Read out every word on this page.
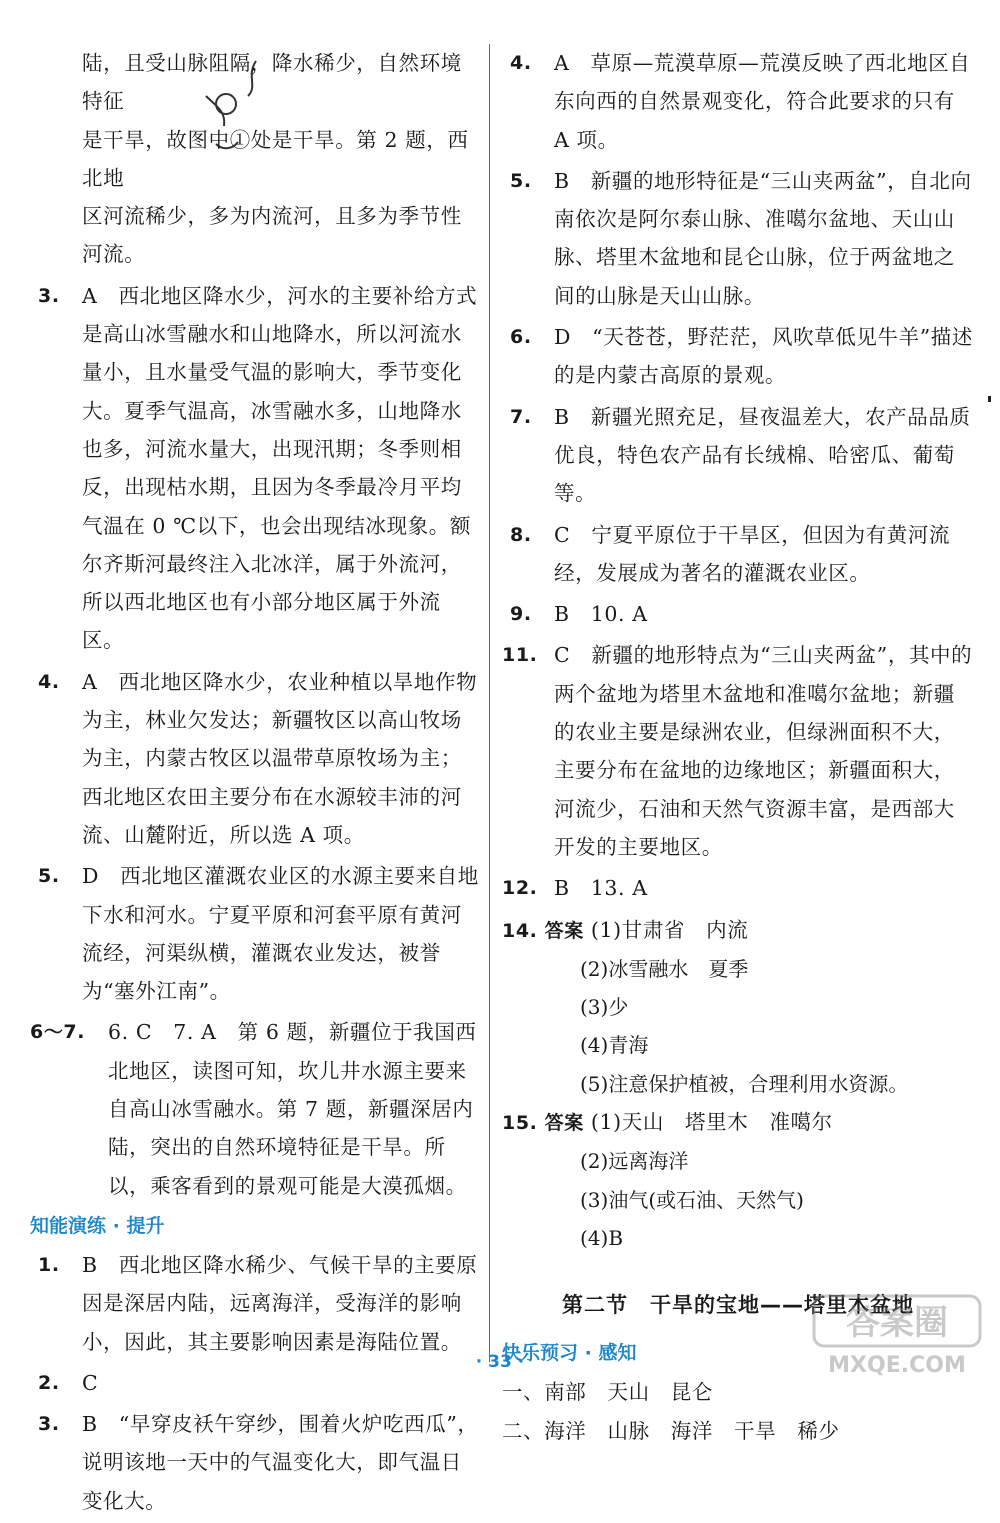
陆，且受山脉阻隔，降水稀少，自然环境特征
是干旱，故图中①处是干旱。第 2 题，西北地
区河流稀少，多为内流河，且多为季节性
河流。
3. A　西北地区降水少，河水的主要补给方式是高山冰雪融水和山地降水，所以河流水量小，且水量受气温的影响大，季节变化大。夏季气温高，冰雪融水多，山地降水也多，河流水量大，出现汛期；冬季则相反，出现枯水期，且因为冬季最冷月平均气温在 0 ℃以下，也会出现结冰现象。额尔齐斯河最终注入北冰洋，属于外流河，所以西北地区也有小部分地区属于外流区。
4. A　西北地区降水少，农业种植以旱地作物为主，林业欠发达；新疆牧区以高山牧场为主，内蒙古牧区以温带草原牧场为主；西北地区农田主要分布在水源较丰沛的河流、山麓附近，所以选 A 项。
5. D　西北地区灌溉农业区的水源主要来自地下水和河水。宁夏平原和河套平原有黄河流经，河渠纵横，灌溉农业发达，被誉为“塞外江南”。
6～7. 6. C　7. A　第 6 题，新疆位于我国西北地区，读图可知，坎儿井水源主要来自高山冰雪融水。第 7 题，新疆深居内陆，突出的自然环境特征是干旱。所以，乘客看到的景观可能是大漠孤烟。
知能演练 · 提升
1. B　西北地区降水稀少、气候干旱的主要原因是深居内陆，远离海洋，受海洋的影响小，因此，其主要影响因素是海陆位置。
2. C
3. B　“早穿皮袄午穿纱，围着火炉吃西瓜”，说明该地一天中的气温变化大，即气温日变化大。
4. A　草原—荒漠草原—荒漠反映了西北地区自东向西的自然景观变化，符合此要求的只有 A 项。
5. B　新疆的地形特征是“三山夹两盆”，自北向南依次是阿尔泰山脉、准噶尔盆地、天山山脉、塔里木盆地和昆仑山脉，位于两盆地之间的山脉是天山山脉。
6. D　“天苍苍，野茫茫，风吹草低见牛羊”描述的是内蒙古高原的景观。
7. B　新疆光照充足，昼夜温差大，农产品品质优良，特色农产品有长绒棉、哈密瓜、葡萄等。
8. C　宁夏平原位于干旱区，但因为有黄河流经，发展成为著名的灌溉农业区。
9. B　10. A
11. C　新疆的地形特点为“三山夹两盆”，其中的两个盆地为塔里木盆地和准噶尔盆地；新疆的农业主要是绿洲农业，但绿洲面积不大，主要分布在盆地的边缘地区；新疆面积大，河流少，石油和天然气资源丰富，是西部大开发的主要地区。
12. B　13. A
14. 答案 (1)甘肃省　内流
(2)冰雪融水　夏季
(3)少
(4)青海
(5)注意保护植被，合理利用水资源。
15. 答案 (1)天山　塔里木　准噶尔
(2)远离海洋
(3)油气(或石油、天然气)
(4)B
第二节　干旱的宝地——塔里木盆地
快乐预习 · 感知
一、南部　天山　昆仑
二、海洋　山脉　海洋　干旱　稀少
· 33 ·
答案圈
MXQE.COM
